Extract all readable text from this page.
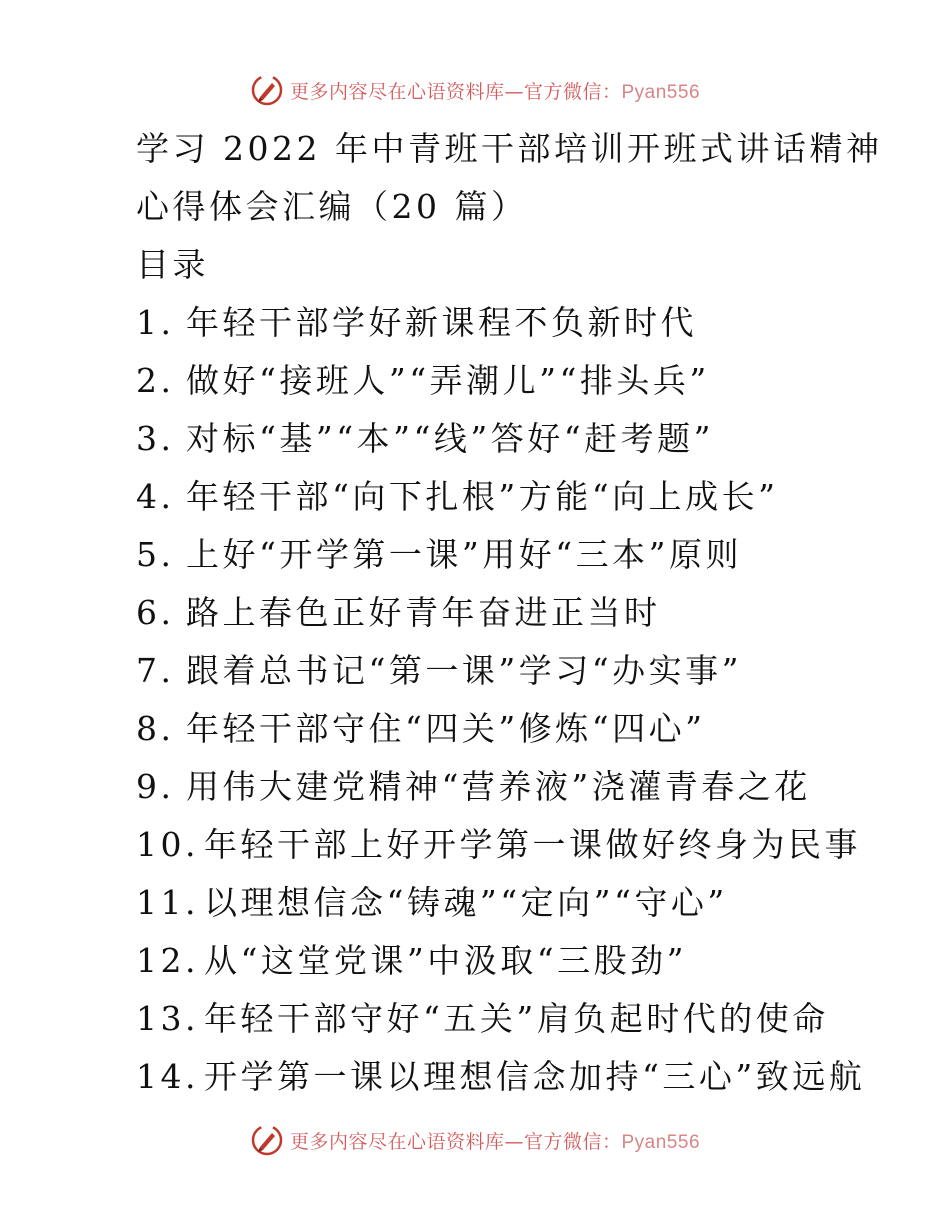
更多内容尽在心语资料库—官方微信：Pyan556
学习 2022 年中青班干部培训开班式讲话精神
心得体会汇编（20 篇）
目录
1. 年轻干部学好新课程不负新时代
2. 做好“接班人”“弄潮儿”“排头兵”
3. 对标“基”“本”“线”答好“赶考题”
4. 年轻干部“向下扎根”方能“向上成长”
5. 上好“开学第一课”用好“三本”原则
6. 路上春色正好青年奋进正当时
7. 跟着总书记“第一课”学习“办实事”
8. 年轻干部守住“四关”修炼“四心”
9. 用伟大建党精神“营养液”浇灌青春之花
10. 年轻干部上好开学第一课做好终身为民事
11. 以理想信念“铸魂”“定向”“守心”
12. 从“这堂党课”中汲取“三股劲”
13. 年轻干部守好“五关”肩负起时代的使命
14. 开学第一课以理想信念加持“三心”致远航
更多内容尽在心语资料库—官方微信：Pyan556
